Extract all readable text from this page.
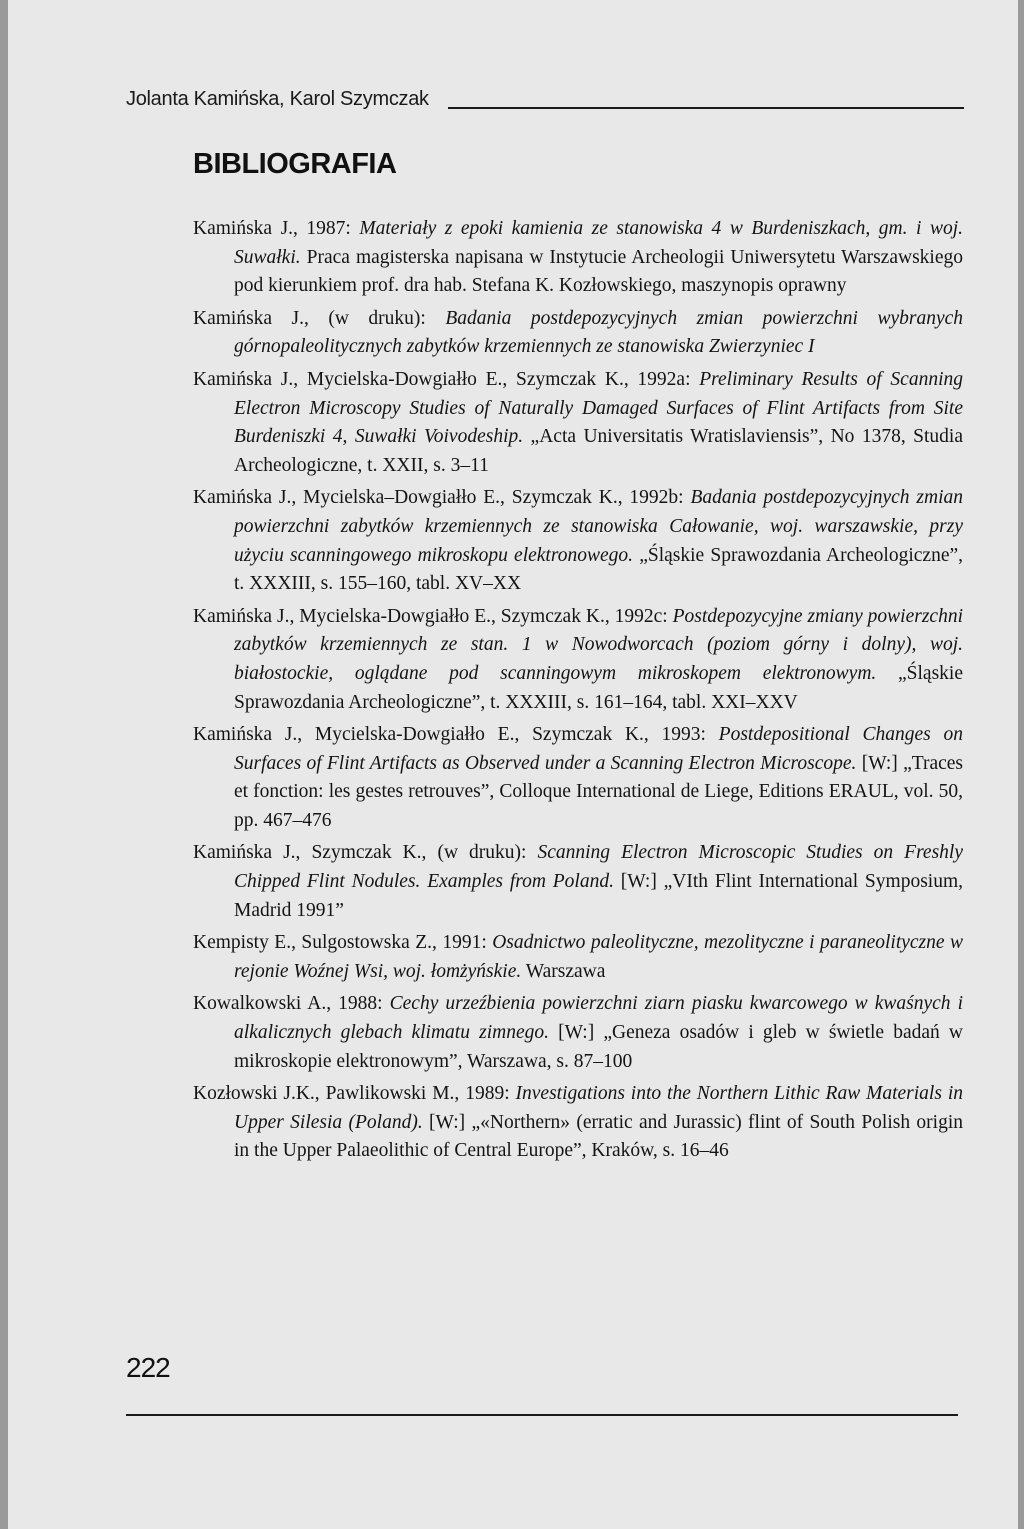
Jolanta Kamińska, Karol Szymczak
BIBLIOGRAFIA
Kamińska J., 1987: Materiały z epoki kamienia ze stanowiska 4 w Burdeniszkach, gm. i woj. Suwałki. Praca magisterska napisana w Instytucie Archeologii Uniwersytetu Warszawskiego pod kierunkiem prof. dra hab. Stefana K. Kozłowskiego, maszynopis oprawny
Kamińska J., (w druku): Badania postdepozycyjnych zmian powierzchni wybranych górnopaleolitycznych zabytków krzemiennych ze stanowiska Zwierzyniec I
Kamińska J., Mycielska-Dowgiałło E., Szymczak K., 1992a: Preliminary Results of Scanning Electron Microscopy Studies of Naturally Damaged Surfaces of Flint Artifacts from Site Burdeniszki 4, Suwałki Voivodeship. „Acta Universitatis Wratislaviensis”, No 1378, Studia Archeologiczne, t. XXII, s. 3–11
Kamińska J., Mycielska–Dowgiałło E., Szymczak K., 1992b: Badania postdepozycyjnych zmian powierzchni zabytków krzemiennych ze stanowiska Całowanie, woj. warszawskie, przy użyciu scanningowego mikroskopu elektronowego. „Śląskie Sprawozdania Archeologiczne”, t. XXXIII, s. 155–160, tabl. XV–XX
Kamińska J., Mycielska-Dowgiałło E., Szymczak K., 1992c: Postdepozycyjne zmiany powierzchni zabytków krzemiennych ze stan. 1 w Nowodworcach (poziom górny i dolny), woj. białostockie, oglądane pod scanningowym mikroskopem elektronowym. „Śląskie Sprawozdania Archeologiczne”, t. XXXIII, s. 161–164, tabl. XXI–XXV
Kamińska J., Mycielska-Dowgiałło E., Szymczak K., 1993: Postdepositional Changes on Surfaces of Flint Artifacts as Observed under a Scanning Electron Microscope. [W:] „Traces et fonction: les gestes retrouves”, Colloque International de Liege, Editions ERAUL, vol. 50, pp. 467–476
Kamińska J., Szymczak K., (w druku): Scanning Electron Microscopic Studies on Freshly Chipped Flint Nodules. Examples from Poland. [W:] „VIth Flint International Symposium, Madrid 1991”
Kempisty E., Sulgostowska Z., 1991: Osadnictwo paleolityczne, mezolityczne i paraneolityczne w rejonie Woźnej Wsi, woj. łomżyńskie. Warszawa
Kowalkowski A., 1988: Cechy urzeźbienia powierzchni ziarn piasku kwarcowego w kwaśnych i alkalicznych glebach klimatu zimnego. [W:] „Geneza osadów i gleb w świetle badań w mikroskopie elektronowym”, Warszawa, s. 87–100
Kozłowski J.K., Pawlikowski M., 1989: Investigations into the Northern Lithic Raw Materials in Upper Silesia (Poland). [W:] „«Northern» (erratic and Jurassic) flint of South Polish origin in the Upper Palaeolithic of Central Europe”, Kraków, s. 16–46
222
